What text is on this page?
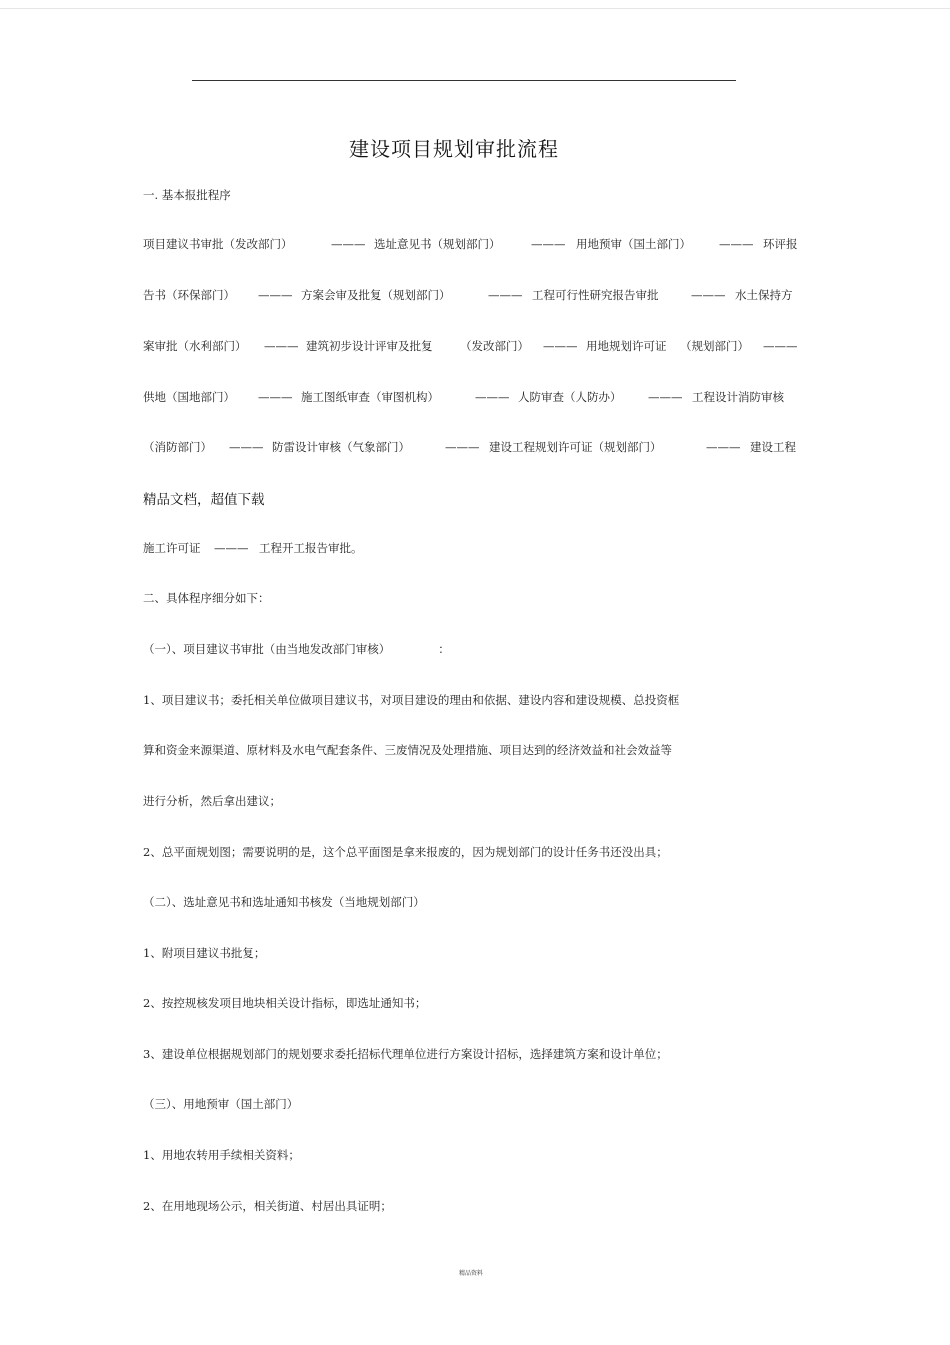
建设项目规划审批流程
一. 基本报批程序
项目建议书审批（发改部门）	——— 选址意见书（规划部门）	——— 用地预审（国土部门） ——— 环评报
告书（环保部门） ——— 方案会审及批复（规划部门）	——— 工程可行性研究报告审批	——— 水土保持方
案审批（水利部门） ——— 建筑初步设计评审及批复 （发改部门） ——— 用地规划许可证 （规划部门） ———
供地（国地部门） ——— 施工图纸审查（审图机构）	——— 人防审查（人防办） ——— 工程设计消防审核
（消防部门） ——— 防雷设计审核（气象部门）	——— 建设工程规划许可证（规划部门）	——— 建设工程
精品文档，超值下载
施工许可证 ——— 工程开工报告审批。
二、具体程序细分如下：
（一）、项目建议书审批（由当地发改部门审核）	：
1、项目建议书；委托相关单位做项目建议书，对项目建设的理由和依据、建设内容和建设规模、总投资框
算和资金来源渠道、原材料及水电气配套条件、三废情况及处理措施、项目达到的经济效益和社会效益等
进行分析，然后拿出建议；
2、总平面规划图；需要说明的是，这个总平面图是拿来报废的，因为规划部门的设计任务书还没出具；
（二）、选址意见书和选址通知书核发（当地规划部门）
1、附项目建议书批复；
2、按控规核发项目地块相关设计指标，即选址通知书；
3、建设单位根据规划部门的规划要求委托招标代理单位进行方案设计招标，选择建筑方案和设计单位；
（三）、用地预审（国土部门）
1、用地农转用手续相关资料；
2、在用地现场公示，相关街道、村居出具证明；
精品资料
